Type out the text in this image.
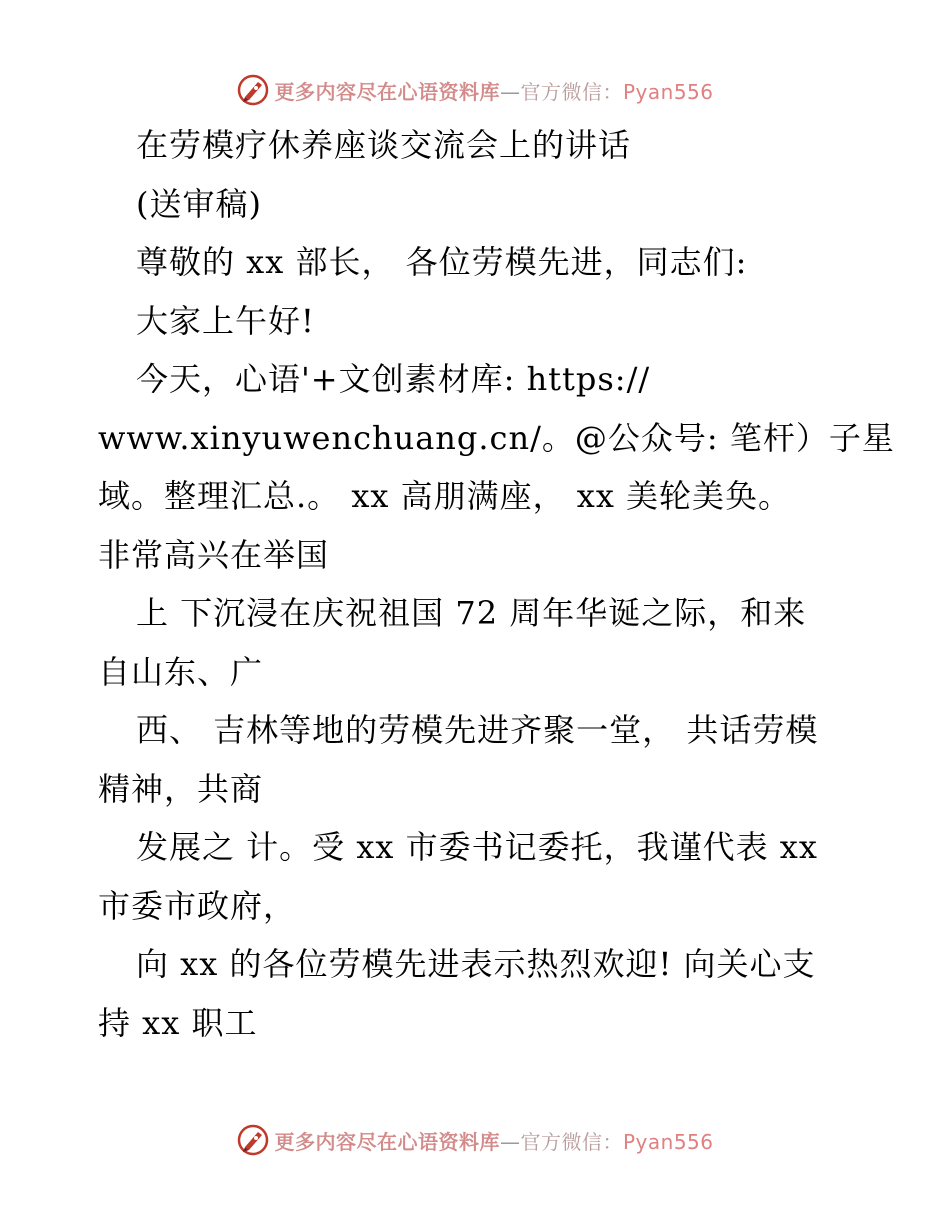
更多内容尽在心语资料库—官方微信：Pyan556
在劳模疗休养座谈交流会上的讲话
(送审稿)
尊敬的 xx 部长， 各位劳模先进，同志们:
大家上午好!
今天，心语'+文创素材库: https://
www.xinyuwenchuang.cn/。@公众号: 笔杆）子星
域。整理汇总.。 xx 高朋满座， xx 美轮美奂。
非常高兴在举国
上 下沉浸在庆祝祖国 72 周年华诞之际，和来
自山东、广
西、 吉林等地的劳模先进齐聚一堂， 共话劳模
精神，共商
发展之 计。受 xx 市委书记委托，我谨代表 xx
市委市政府，
向 xx 的各位劳模先进表示热烈欢迎! 向关心支
持 xx 职工
更多内容尽在心语资料库—官方微信：Pyan556
